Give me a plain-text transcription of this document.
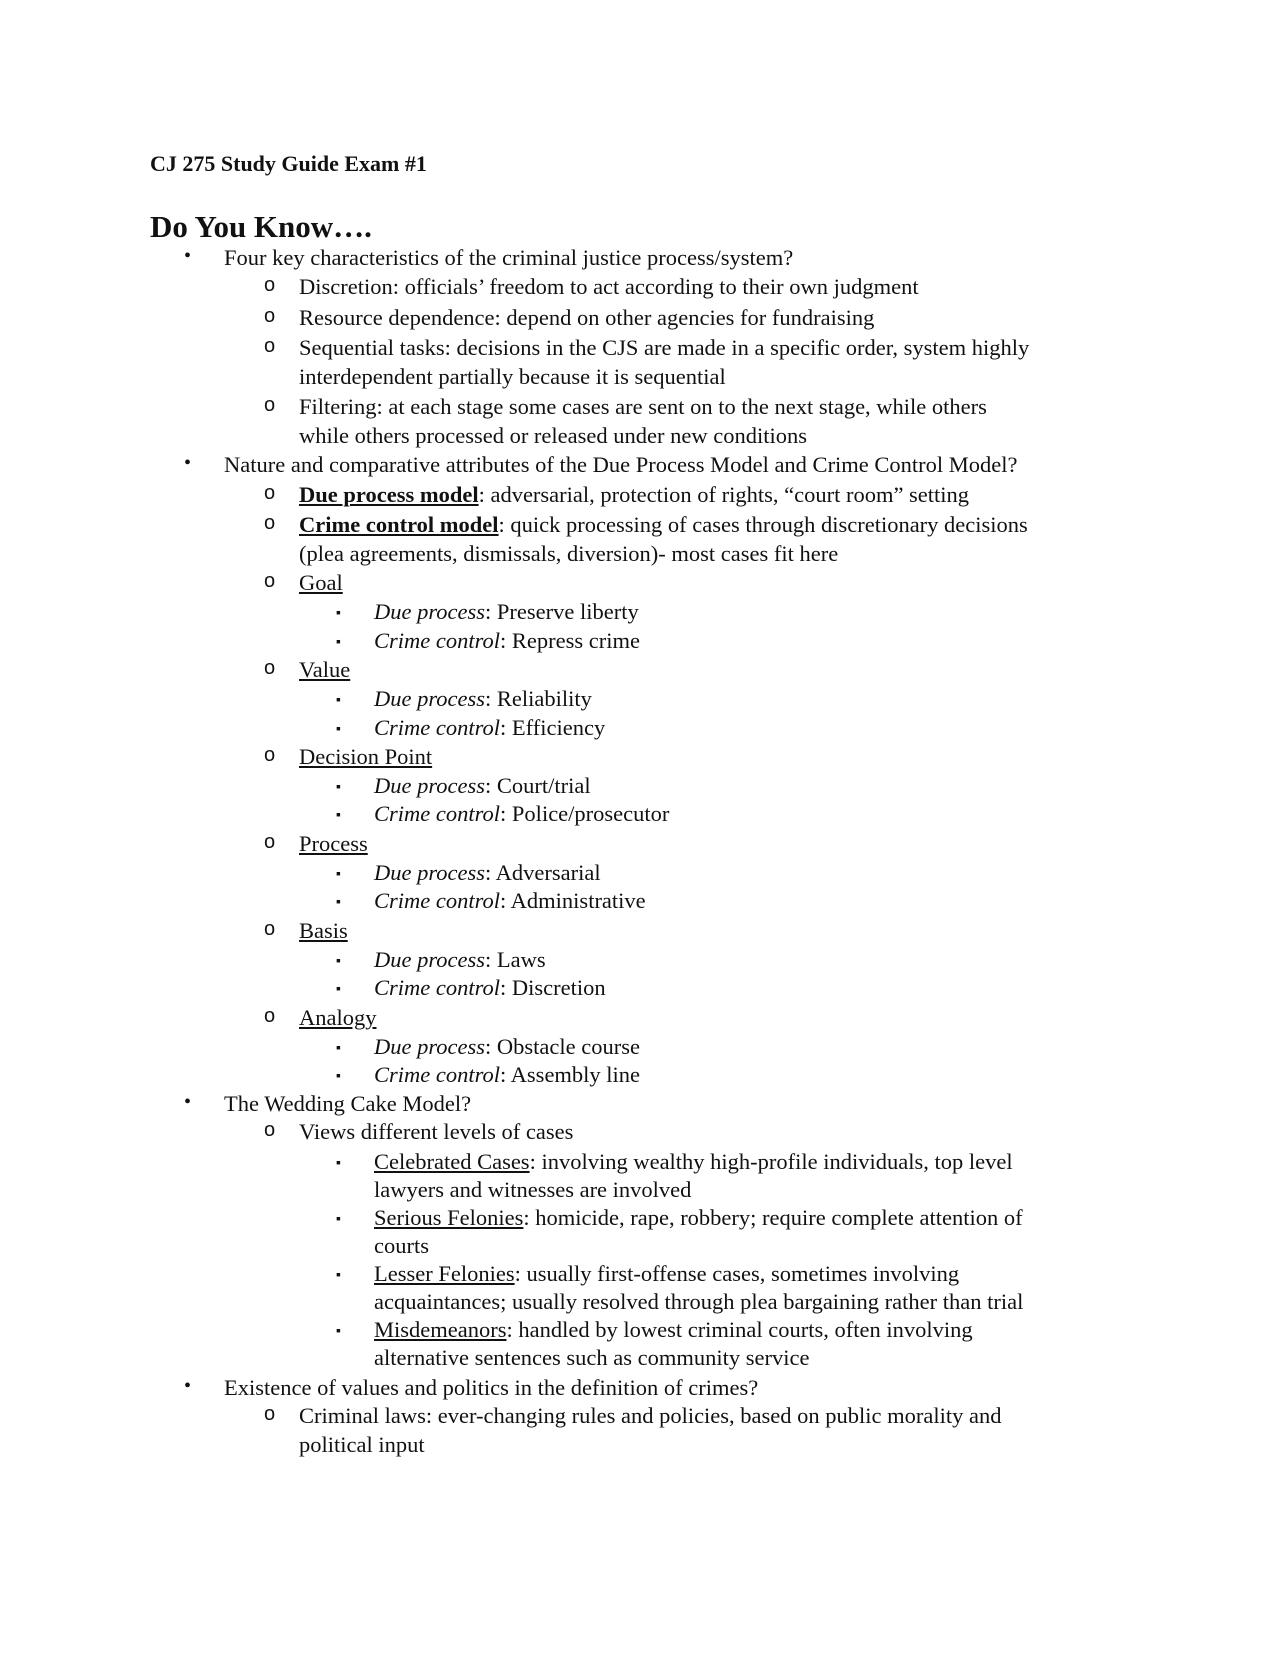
CJ 275 Study Guide Exam #1
Do You Know….
• Four key characteristics of the criminal justice process/system?
o Discretion: officials’ freedom to act according to their own judgment
o Resource dependence: depend on other agencies for fundraising
o Sequential tasks: decisions in the CJS are made in a specific order, system highly
interdependent partially because it is sequential
o Filtering: at each stage some cases are sent on to the next stage, while others
while others processed or released under new conditions
• Nature and comparative attributes of the Due Process Model and Crime Control Model?
o Due process model: adversarial, protection of rights, “court room” setting
o Crime control model: quick processing of cases through discretionary decisions
(plea agreements, dismissals, diversion)- most cases fit here
o Goal
▪ Due process: Preserve liberty
▪ Crime control: Repress crime
o Value
▪ Due process: Reliability
▪ Crime control: Efficiency
o Decision Point
▪ Due process: Court/trial
▪ Crime control: Police/prosecutor
o Process
▪ Due process: Adversarial
▪ Crime control: Administrative
o Basis
▪ Due process: Laws
▪ Crime control: Discretion
o Analogy
▪ Due process: Obstacle course
▪ Crime control: Assembly line
• The Wedding Cake Model?
o Views different levels of cases
▪ Celebrated Cases: involving wealthy high-profile individuals, top level
lawyers and witnesses are involved
▪ Serious Felonies: homicide, rape, robbery; require complete attention of
courts
▪ Lesser Felonies: usually first-offense cases, sometimes involving
acquaintances; usually resolved through plea bargaining rather than trial
▪ Misdemeanors: handled by lowest criminal courts, often involving
alternative sentences such as community service
• Existence of values and politics in the definition of crimes?
o Criminal laws: ever-changing rules and policies, based on public morality and
political input
